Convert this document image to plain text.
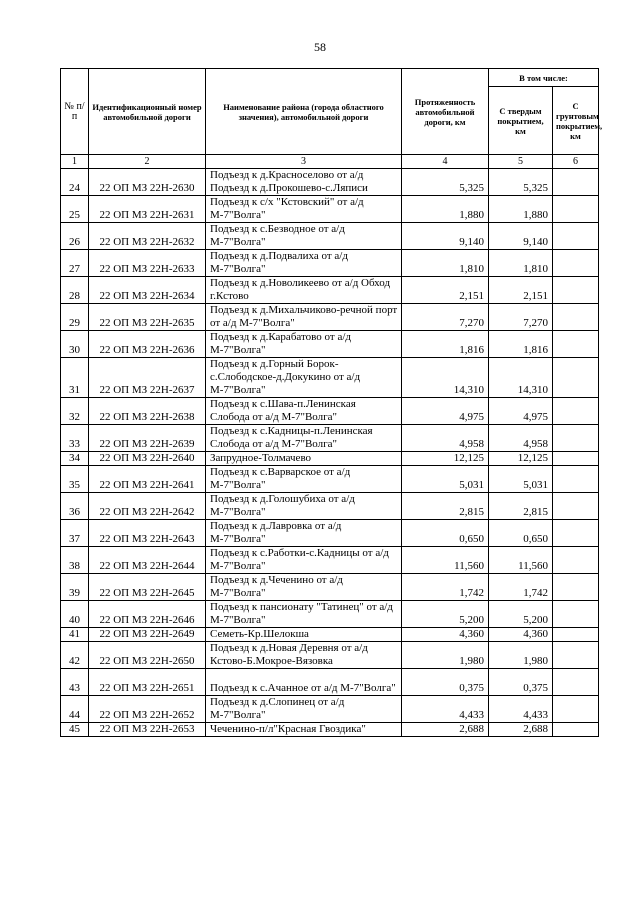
58
№ п/п	Идентификационный номер автомобильной дороги	Наименование района (города областного значения), автомобильной дороги	Протяженность автомобильной дороги, км	В том числе:	
				С твердым покрытием, км	С грунтовым покрытием, км
1	2	3	4	5	6
24	22 ОП МЗ 22Н-2630	Подъезд к д.Красноселово от а/д Подъезд к д.Прокошево-с.Ляписи	5,325	5,325	
25	22 ОП МЗ 22Н-2631	Подъезд к с/х "Кстовский" от а/д М-7"Волга"	1,880	1,880	
26	22 ОП МЗ 22Н-2632	Подъезд к с.Безводное от а/д М-7"Волга"	9,140	9,140	
27	22 ОП МЗ 22Н-2633	Подъезд к д.Подвалиха от а/д М-7"Волга"	1,810	1,810	
28	22 ОП МЗ 22Н-2634	Подъезд к д.Новоликеево от а/д Обход г.Кстово	2,151	2,151	
29	22 ОП МЗ 22Н-2635	Подъезд к д.Михальчиково-речной порт от а/д М-7"Волга"	7,270	7,270	
30	22 ОП МЗ 22Н-2636	Подъезд к д.Карабатово от а/д М-7"Волга"	1,816	1,816	
31	22 ОП МЗ 22Н-2637	Подъезд к д.Горный Борок-с.Слободское-д.Докукино от а/д М-7"Волга"	14,310	14,310	
32	22 ОП МЗ 22Н-2638	Подъезд к с.Шава-п.Ленинская Слобода от а/д М-7"Волга"	4,975	4,975	
33	22 ОП МЗ 22Н-2639	Подъезд к с.Кадницы-п.Ленинская Слобода от а/д М-7"Волга"	4,958	4,958	
34	22 ОП МЗ 22Н-2640	Запрудное-Толмачево	12,125	12,125	
35	22 ОП МЗ 22Н-2641	Подъезд к с.Варварское от а/д М-7"Волга"	5,031	5,031	
36	22 ОП МЗ 22Н-2642	Подъезд к д.Голошубиха от а/д М-7"Волга"	2,815	2,815	
37	22 ОП МЗ 22Н-2643	Подъезд к д.Лавровка от а/д М-7"Волга"	0,650	0,650	
38	22 ОП МЗ 22Н-2644	Подъезд к с.Работки-с.Кадницы от а/д М-7"Волга"	11,560	11,560	
39	22 ОП МЗ 22Н-2645	Подъезд к д.Чеченино от а/д М-7"Волга"	1,742	1,742	
40	22 ОП МЗ 22Н-2646	Подъезд к пансионату "Татинец" от а/д М-7"Волга"	5,200	5,200	
41	22 ОП МЗ 22Н-2649	Семеть-Кр.Шелокша	4,360	4,360	
42	22 ОП МЗ 22Н-2650	Подъезд к д.Новая Деревня от а/д Кстово-Б.Мокрое-Вязовка	1,980	1,980	
43	22 ОП МЗ 22Н-2651	Подъезд к с.Ачанное от а/д М-7"Волга"	0,375	0,375	
44	22 ОП МЗ 22Н-2652	Подъезд к д.Слопинец от а/д М-7"Волга"	4,433	4,433	
45	22 ОП МЗ 22Н-2653	Чеченино-п/л"Красная Гвоздика"	2,688	2,688	
